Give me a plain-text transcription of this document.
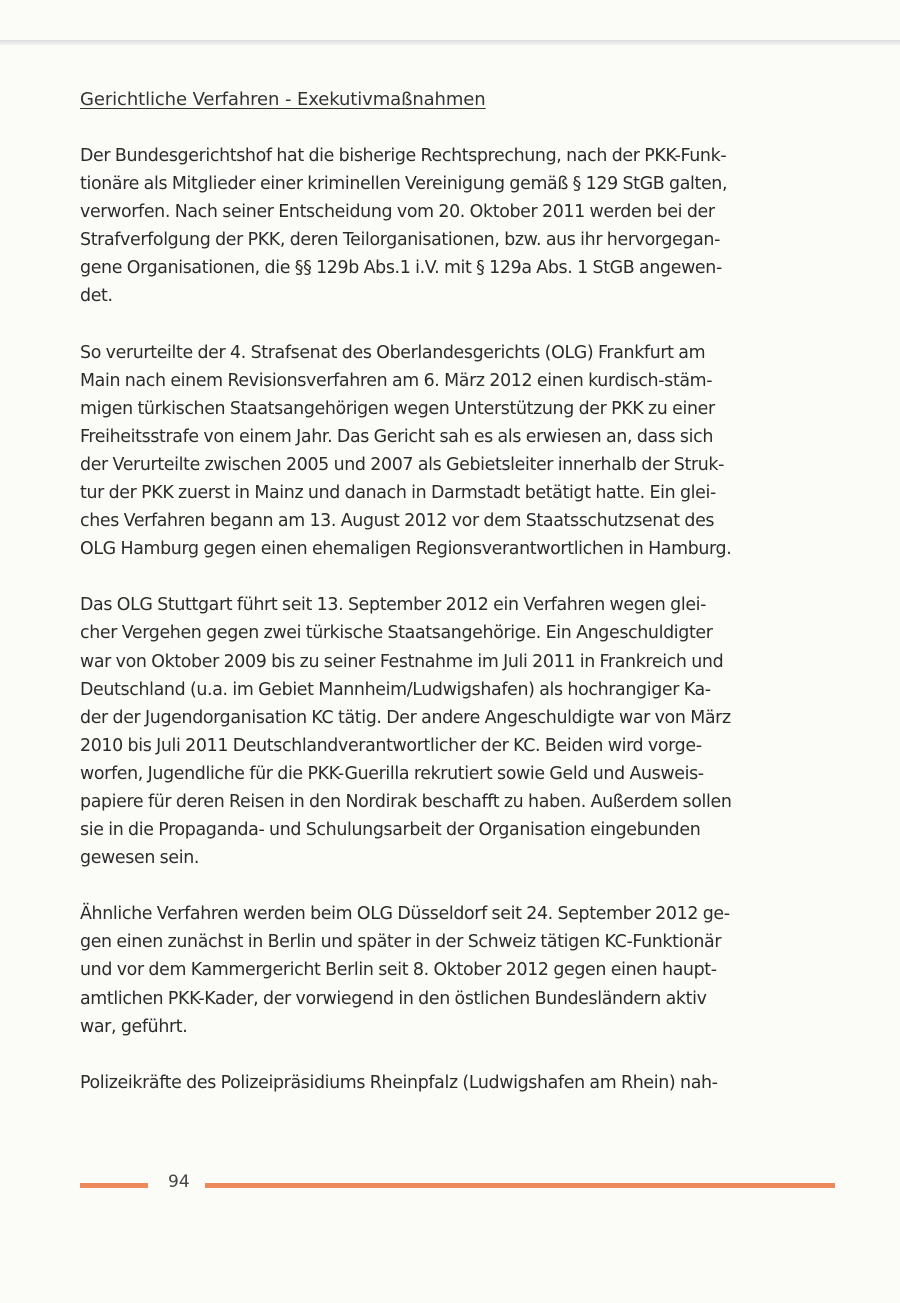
Gerichtliche Verfahren - Exekutivmaßnahmen

Der Bundesgerichtshof hat die bisherige Rechtsprechung, nach der PKK-Funk-
tionäre als Mitglieder einer kriminellen Vereinigung gemäß § 129 StGB galten,
verworfen. Nach seiner Entscheidung vom 20. Oktober 2011 werden bei der
Strafverfolgung der PKK, deren Teilorganisationen, bzw. aus ihr hervorgegan-
gene Organisationen, die §§ 129b Abs.1 i.V. mit § 129a Abs. 1 StGB angewen-
det.

So verurteilte der 4. Strafsenat des Oberlandesgerichts (OLG) Frankfurt am
Main nach einem Revisionsverfahren am 6. März 2012 einen kurdisch-stäm-
migen türkischen Staatsangehörigen wegen Unterstützung der PKK zu einer
Freiheitsstrafe von einem Jahr. Das Gericht sah es als erwiesen an, dass sich
der Verurteilte zwischen 2005 und 2007 als Gebietsleiter innerhalb der Struk-
tur der PKK zuerst in Mainz und danach in Darmstadt betätigt hatte. Ein glei-
ches Verfahren begann am 13. August 2012 vor dem Staatsschutzsenat des
OLG Hamburg gegen einen ehemaligen Regionsverantwortlichen in Hamburg.

Das OLG Stuttgart führt seit 13. September 2012 ein Verfahren wegen glei-
cher Vergehen gegen zwei türkische Staatsangehörige. Ein Angeschuldigter
war von Oktober 2009 bis zu seiner Festnahme im Juli 2011 in Frankreich und
Deutschland (u.a. im Gebiet Mannheim/Ludwigshafen) als hochrangiger Ka-
der der Jugendorganisation KC tätig. Der andere Angeschuldigte war von März
2010 bis Juli 2011 Deutschlandverantwortlicher der KC. Beiden wird vorge-
worfen, Jugendliche für die PKK-Guerilla rekrutiert sowie Geld und Ausweis-
papiere für deren Reisen in den Nordirak beschafft zu haben. Außerdem sollen
sie in die Propaganda- und Schulungsarbeit der Organisation eingebunden
gewesen sein.

Ähnliche Verfahren werden beim OLG Düsseldorf seit 24. September 2012 ge-
gen einen zunächst in Berlin und später in der Schweiz tätigen KC-Funktionär
und vor dem Kammergericht Berlin seit 8. Oktober 2012 gegen einen haupt-
amtlichen PKK-Kader, der vorwiegend in den östlichen Bundesländern aktiv
war, geführt.

Polizeikräfte des Polizeipräsidiums Rheinpfalz (Ludwigshafen am Rhein) nah-

94
